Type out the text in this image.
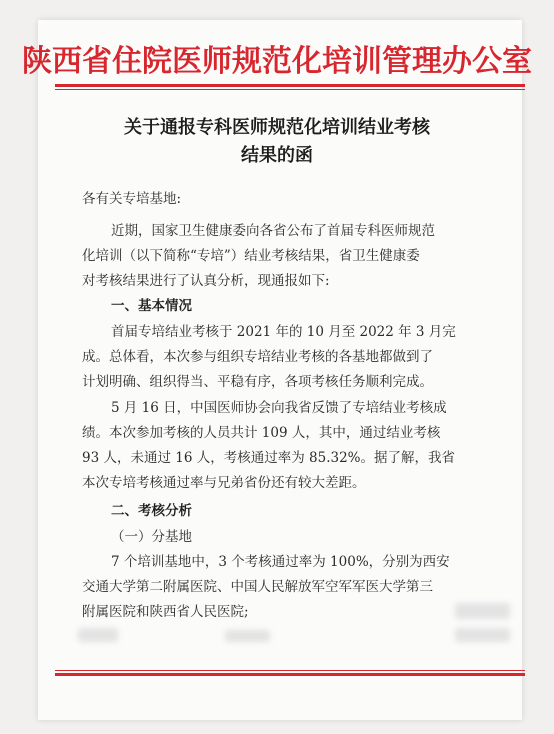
陕西省住院医师规范化培训管理办公室
关于通报专科医师规范化培训结业考核
结果的函
各有关专培基地:
近期，国家卫生健康委向各省公布了首届专科医师规范
化培训（以下简称“专培”）结业考核结果，省卫生健康委
对考核结果进行了认真分析，现通报如下:
一、基本情况
首届专培结业考核于 2021 年的 10 月至 2022 年 3 月完
成。总体看，本次参与组织专培结业考核的各基地都做到了
计划明确、组织得当、平稳有序，各项考核任务顺利完成。
5 月 16 日，中国医师协会向我省反馈了专培结业考核成
绩。本次参加考核的人员共计 109 人，其中，通过结业考核
93 人，未通过 16 人，考核通过率为 85.32%。据了解，我省
本次专培考核通过率与兄弟省份还有较大差距。
二、考核分析
（一）分基地
7 个培训基地中，3 个考核通过率为 100%，分别为西安
交通大学第二附属医院、中国人民解放军空军军医大学第三
附属医院和陕西省人民医院;
